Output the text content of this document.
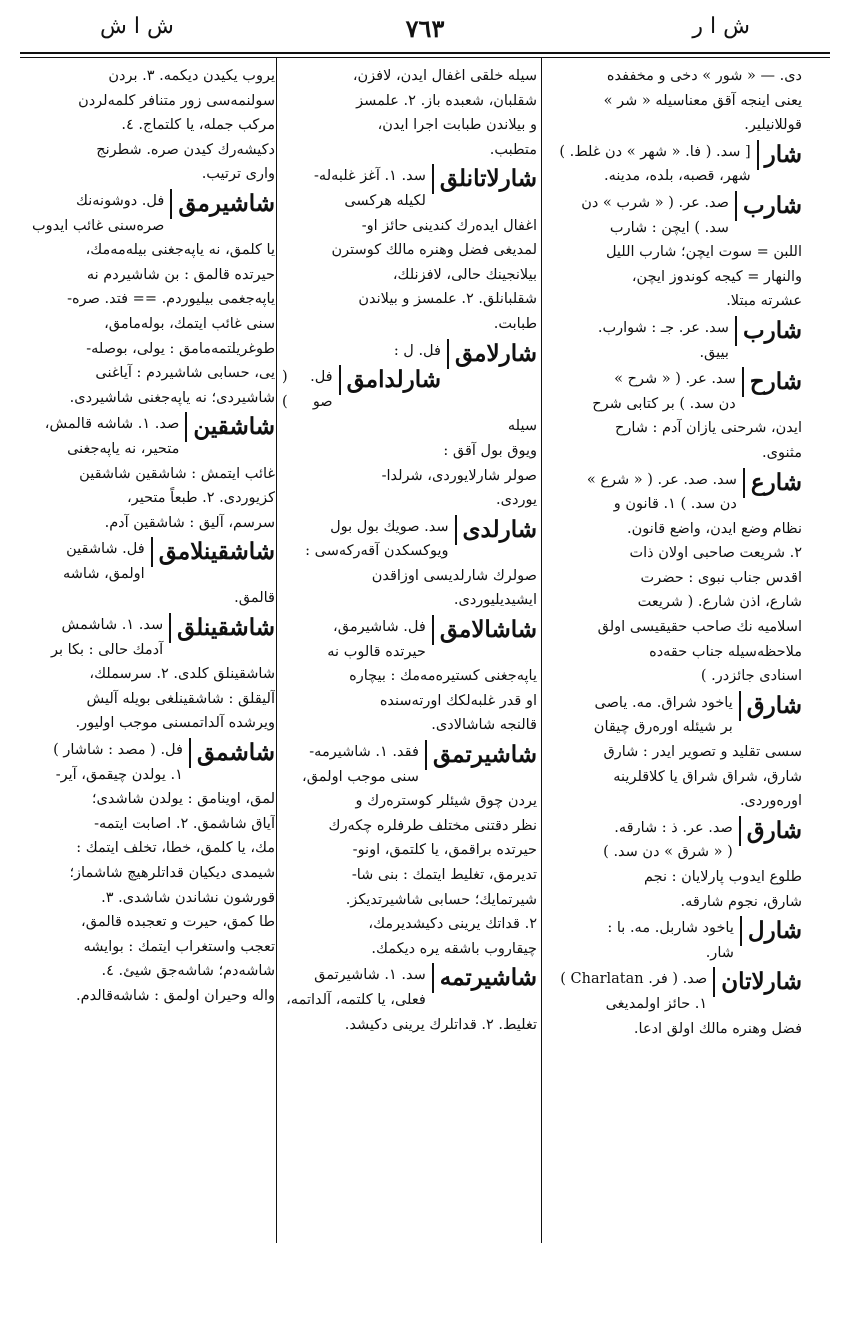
ش ا ش	٧٦٣	ش ا ر
دی. — « شور » دخی و مخففده
یعنی اینجه آقق معناسیله « شر »
قوللانیلیر.
شار
[ سد. ( فا. « شهر » دن غلط. )
شهر، قصبه، بلده، مدینه.
شارب
صد. عر. ( « شرب » دن
سد. ) ایچن : شارب
اللبن = سوت ایچن؛ شارب اللیل
والنهار = کیجه کوندوز ایچن،
عشرته مبتلا.
شارب
سد. عر. جـ : شوارب.
بییق.
شارح
سد. عر. ( « شرح »
دن سد. ) بر کتابی شرح
ایدن، شرحنی یازان آدم : شارح
مثنوی.
شارع
سد. صد. عر. ( « شرع »
دن سد. ) ١. قانون و
نظام وضع ایدن، واضع قانون.
٢. شریعت صاحبی اولان ذات
اقدس جناب نبوی : حضرت
شارع، اذن شارع. ( شریعت
اسلامیه نك صاحب حقیقیسی اولق
ملاحظه‌سیله جناب حقه‌ده
اسنادی جائزدر. )
شارق
یاخود شراق. مه. یاصی
بر شیئله اوره‌رق چیقان
سسی تقلید و تصویر ایدر : شارق
شارق، شراق شراق یا کلاقلرینه
اوره‌وردی.
شارق
صد. عر. ذ : شارقه.
( « شرق » دن سد. )
طلوع ایدوب پارلایان : نجم
شارق، نجوم شارقه.
شارل
یاخود شاربل. مه. با :
شار.
شارلاتان
صد. ( فر. Charlatan )
١. حائز اولمدیغی
فضل وهنره مالك اولق ادعا.
سیله خلقی اغفال ایدن، لافزن،
شقلبان، شعبده باز. ٢. علمسز
و بیلاندن طبابت اجرا ایدن،
متطبب.
شارلاتانلق
سد. ١. آغز غلبه‌له-
لکیله هرکسی
اغفال ایده‌رك کندینی حائز او-
لمدیغی فضل وهنره مالك کوسترن
بیلانجینك حالی، لافزنلك،
شقلبانلق. ٢. علمسز و بیلاندن
طبابت.
شارلامق
فل. ل :
شارلدامق
فل. ( صو ) سیله
ویوق بول آقق :
صولر شارلایوردی، شرلدا-
یوردی.
شارلدی
سد. صویك بول بول
ویوکسکدن آقه‌رکه‌سی :
صولرك شارلدیسی اوزاقدن
ایشیدیلیوردی.
شاشالامق
فل. شاشیرمق،
حیرتده قالوب نه
یاپه‌جغنی کستیره‌مه‌مك : بیچاره
او قدر غلبه‌لکك اورته‌سنده
قالنجه شاشالادی.
شاشیرتمق
فقد. ١. شاشیرمه‌-
سنی موجب اولمق،
یردن چوق شیئلر کوستره‌رك و
نظر دقتنی مختلف طرفلره چکه‌رك
حیرتده براقمق، یا کلتمق، اونو-
تدیرمق، تغلیط ایتمك : بنی شا-
شیرتمایك؛ حسابی شاشیرتدیکز.
٢. قداتك یرینی دکیشدیرمك،
چیقاروب باشقه یره دیکمك.
شاشیرتمه
سد. ١. شاشیرتمق
فعلی، یا کلتمه، آلداتمه،
تغلیط. ٢. قداتلرك یرینی دکیشد.
یروب یکیدن دیکمه. ٣. بردن
سولنمه‌سی زور متنافر کلمه‌لردن
مرکب جمله، یا کلتماج. ٤.
دکیشه‌رك کیدن صره. شطرنج
واری ترتیب.
شاشیرمق
فل. دوشونه‌نك
صره‌سنی غائب ایدوب
یا کلمق، نه یاپه‌جغنی بیله‌مه‌مك،
حیرتده قالمق : بن شاشیردم نه
یاپه‌جغمی بیلیوردم. == فتد. صره-
سنی غائب ایتمك، بوله‌مامق،
طوغریلتمه‌مامق : یولی، بوصله-
یی، حسابی شاشیردم : آیاغنی
شاشیردی؛ نه یاپه‌جغنی شاشیردی.
شاشقین
صد. ١. شاشه قالمش،
متحیر، نه یاپه‌جغنی
غائب ایتمش : شاشقین شاشقین
کزیوردی. ٢. طبعاً متحیر،
سرسم، آلیق : شاشقین آدم.
شاشقینلامق
فل. شاشقین
اولمق، شاشه
قالمق.
شاشقینلق
سد. ١. شاشمش
آدمك حالی : بکا بر
شاشقینلق کلدی. ٢. سرسملك،
آلیقلق : شاشقینلغی بویله آلیش
ویرشده آلداتمسنی موجب اولیور.
شاشمق
فل. ( مصد : شاشار )
١. یولدن چیقمق، آیر-
لمق، اوینامق : یولدن شاشدی؛
آیاق شاشمق. ٢. اصابت ایتمه-
مك، یا کلمق، خطا، تخلف ایتمك :
شیمدی دیکیان قداتلرهیچ شاشماز؛
قورشون نشاندن شاشدی. ٣.
طا کمق، حیرت و تعجبده قالمق،
تعجب واستغراب ایتمك : بوایشه
شاشه‌دم؛ شاشه‌جق شیئ. ٤.
واله وحیران اولمق : شاشه‌قالدم.
